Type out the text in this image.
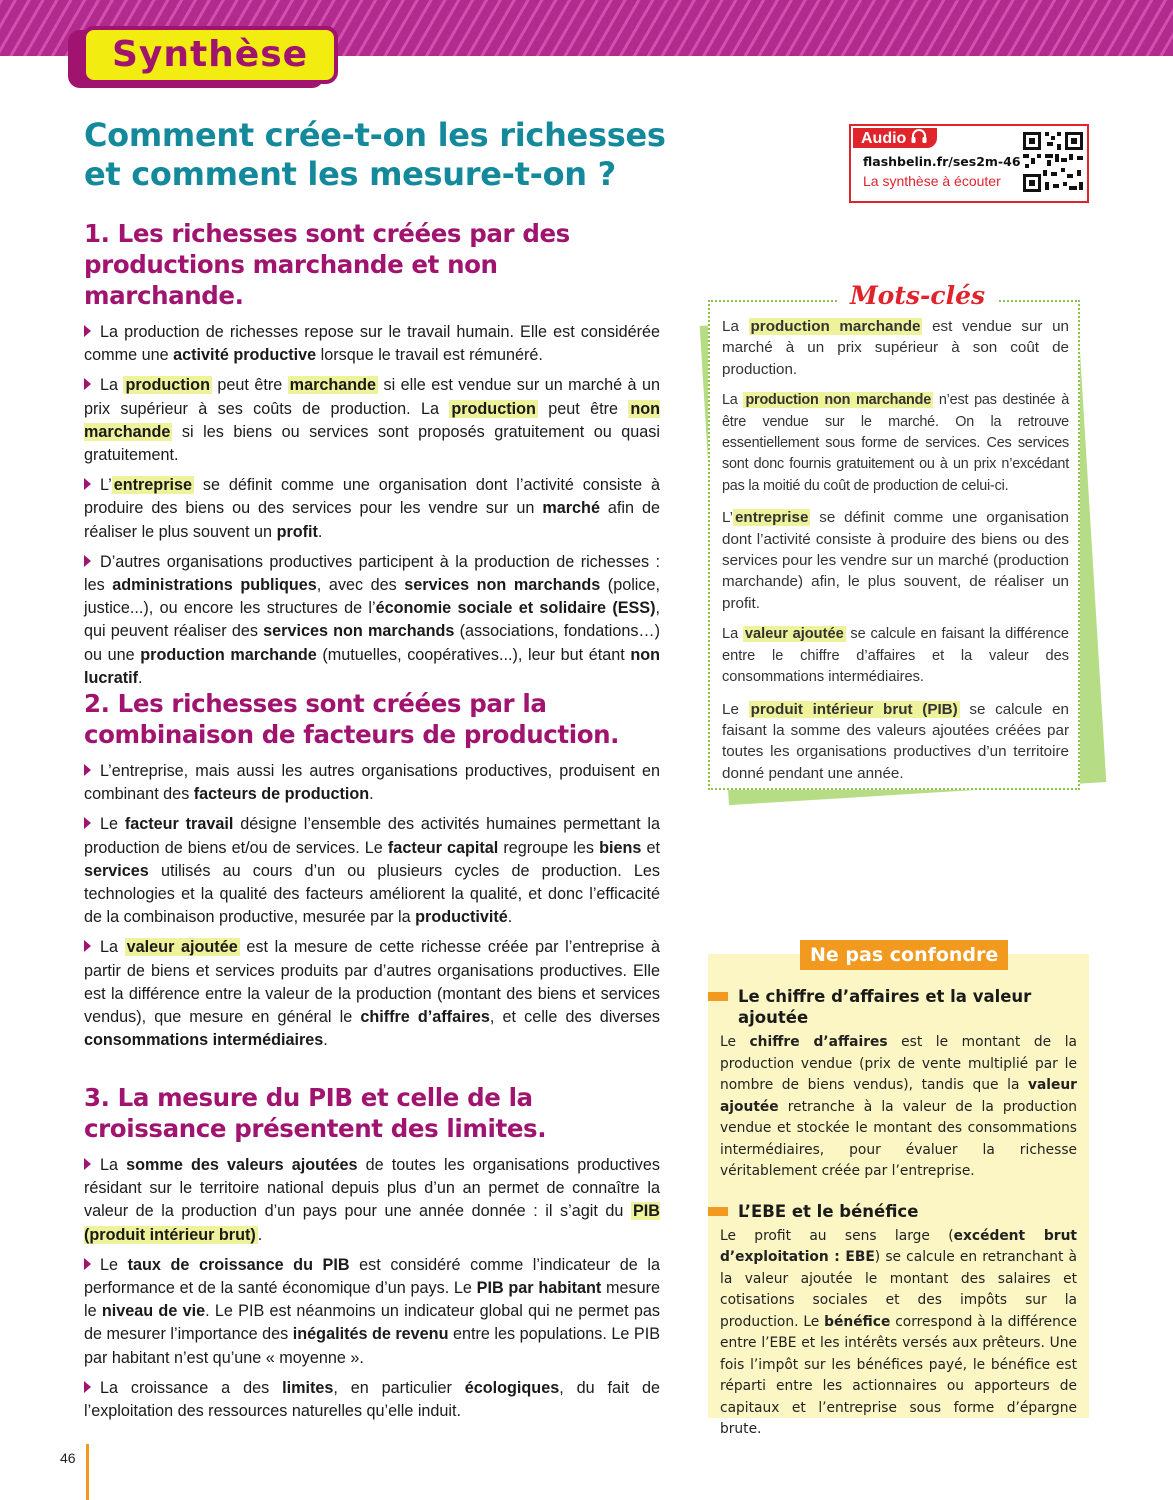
Synthèse
Comment crée-t-on les richesses
et comment les mesure-t-on ?
Audio
flashbelin.fr/ses2m-46
La synthèse à écouter
1. Les richesses sont créées par des productions marchande et non marchande.
La production de richesses repose sur le travail humain. Elle est considérée comme une activité productive lorsque le travail est rémunéré.
La production peut être marchande si elle est vendue sur un marché à un prix supérieur à ses coûts de production. La production peut être non marchande si les biens ou services sont proposés gratuitement ou quasi gratuitement.
L’ entreprise se définit comme une organisation dont l’activité consiste à produire des biens ou des services pour les vendre sur un marché afin de réaliser le plus souvent un profit.
D’autres organisations productives participent à la production de richesses : les administrations publiques, avec des services non marchands (police, justice...), ou encore les structures de l’économie sociale et solidaire (ESS), qui peuvent réaliser des services non marchands (associations, fondations…) ou une production marchande (mutuelles, coopératives...), leur but étant non lucratif.
2. Les richesses sont créées par la combinaison de facteurs de production.
L’entreprise, mais aussi les autres organisations productives, produisent en combinant des facteurs de production.
Le facteur travail désigne l’ensemble des activités humaines permettant la production de biens et/ou de services. Le facteur capital regroupe les biens et services utilisés au cours d’un ou plusieurs cycles de production. Les technologies et la qualité des facteurs améliorent la qualité, et donc l’efficacité de la combinaison productive, mesurée par la productivité.
La valeur ajoutée est la mesure de cette richesse créée par l’entreprise à partir de biens et services produits par d’autres organisations productives. Elle est la différence entre la valeur de la production (montant des biens et services vendus), que mesure en général le chiffre d’affaires, et celle des diverses consommations intermédiaires.
3. La mesure du PIB et celle de la croissance présentent des limites.
La somme des valeurs ajoutées de toutes les organisations productives résidant sur le territoire national depuis plus d’un an permet de connaître la valeur de la production d’un pays pour une année donnée : il s’agit du PIB (produit intérieur brut) .
Le taux de croissance du PIB est considéré comme l’indicateur de la performance et de la santé économique d’un pays. Le PIB par habitant mesure le niveau de vie. Le PIB est néanmoins un indicateur global qui ne permet pas de mesurer l’importance des inégalités de revenu entre les populations. Le PIB par habitant n’est qu’une « moyenne ».
La croissance a des limites, en particulier écologiques, du fait de l’exploitation des ressources naturelles qu’elle induit.
Mots-clés
La production marchande est vendue sur un marché à un prix supérieur à son coût de production.
La production non marchande n’est pas destinée à être vendue sur le marché. On la retrouve essentiellement sous forme de services. Ces services sont donc fournis gratuitement ou à un prix n’excédant pas la moitié du coût de production de celui-ci.
L’ entreprise se définit comme une organisation dont l’activité consiste à produire des biens ou des services pour les vendre sur un marché (production marchande) afin, le plus souvent, de réaliser un profit.
La valeur ajoutée se calcule en faisant la différence entre le chiffre d’affaires et la valeur des consommations intermédiaires.
Le produit intérieur brut (PIB) se calcule en faisant la somme des valeurs ajoutées créées par toutes les organisations productives d’un territoire donné pendant une année.
Ne pas confondre
Le chiffre d’affaires et la valeur ajoutée
Le chiffre d’affaires est le montant de la production vendue (prix de vente multiplié par le nombre de biens vendus), tandis que la valeur ajoutée retranche à la valeur de la production vendue et stockée le montant des consommations intermédiaires, pour évaluer la richesse véritablement créée par l’entreprise.
L’EBE et le bénéfice
Le profit au sens large (excédent brut d’exploitation : EBE) se calcule en retranchant à la valeur ajoutée le montant des salaires et cotisations sociales et des impôts sur la production. Le bénéfice correspond à la différence entre l’EBE et les intérêts versés aux prêteurs. Une fois l’impôt sur les bénéfices payé, le bénéfice est réparti entre les actionnaires ou apporteurs de capitaux et l’entreprise sous forme d’épargne brute.
46
